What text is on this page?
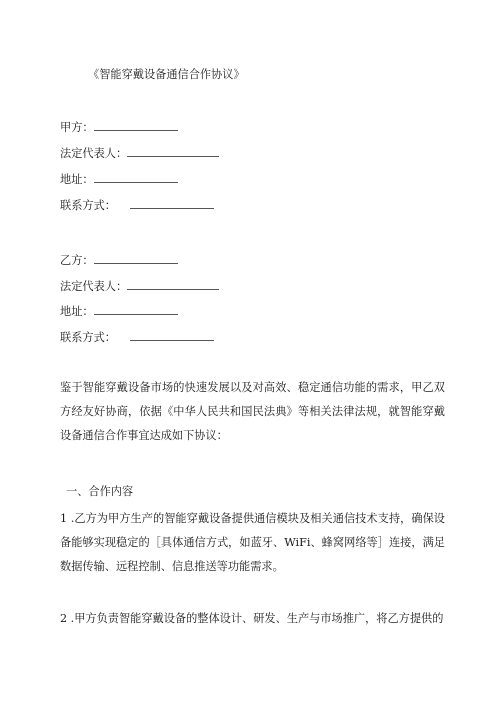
《智能穿戴设备通信合作协议》
甲方：
法定代表人：
地址：
联系方式：
乙方：
法定代表人：
地址：
联系方式：
鉴于智能穿戴设备市场的快速发展以及对高效、稳定通信功能的需求，甲乙双方经友好协商，依据《中华人民共和国民法典》等相关法律法规，就智能穿戴设备通信合作事宜达成如下协议：
一、合作内容
1 .乙方为甲方生产的智能穿戴设备提供通信模块及相关通信技术支持，确保设备能够实现稳定的［具体通信方式，如蓝牙、WiFi、蜂窝网络等］连接，满足数据传输、远程控制、信息推送等功能需求。
2 .甲方负责智能穿戴设备的整体设计、研发、生产与市场推广，将乙方提供的
